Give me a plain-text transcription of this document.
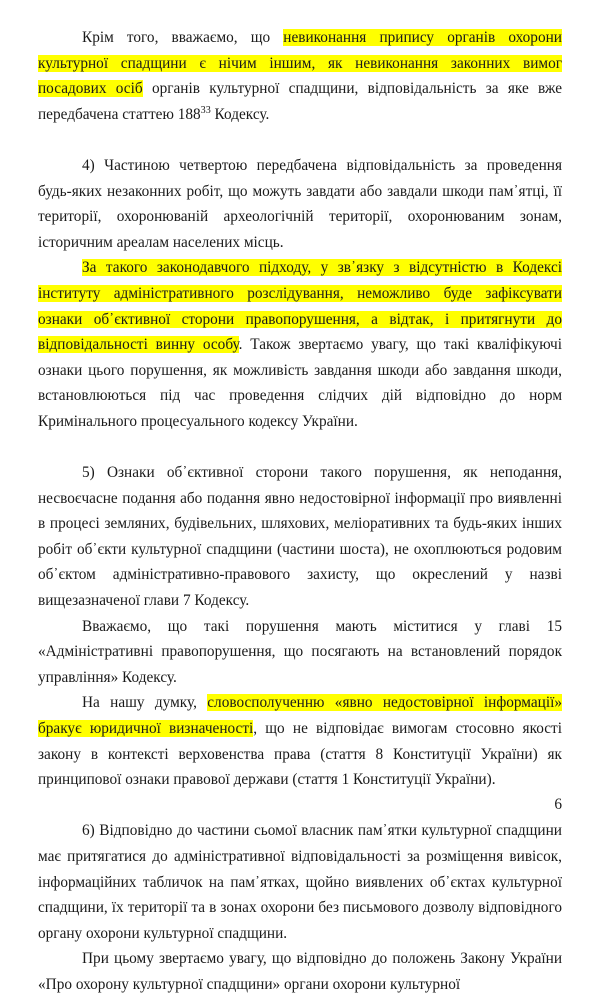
Крім того, вважаємо, що невиконання припису органів охорони культурної спадщини є нічим іншим, як невиконання законних вимог посадових осіб органів культурної спадщини, відповідальність за яке вже передбачена статтею $188^{33}$ Кодексу.

4) Частиною четвертою передбачена відповідальність за проведення будь-яких незаконних робіт, що можуть завдати або завдали шкоди пам᾽ятці, її території, охоронюваній археологічній території, охоронюваним зонам, історичним ареалам населених місць.

За такого законодавчого підходу, у зв᾽язку з відсутністю в Кодексі інституту адміністративного розслідування, неможливо буде зафіксувати ознаки об᾽єктивної сторони правопорушення, а відтак, і притягнути до відповідальності винну особу. Також звертаємо увагу, що такі кваліфікуючі ознаки цього порушення, як можливість завдання шкоди або завдання шкоди, встановлюються під час проведення слідчих дій відповідно до норм Кримінального процесуального кодексу України.

5) Ознаки об᾽єктивної сторони такого порушення, як неподання, несвоєчасне подання або подання явно недостовірної інформації про виявленні в процесі земляних, будівельних, шляхових, меліоративних та будь-яких інших робіт об᾽єкти культурної спадщини (частини шоста), не охоплюються родовим об᾽єктом адміністративно-правового захисту, що окреслений у назві вищезазначеної глави 7 Кодексу.

Вважаємо, що такі порушення мають міститися у главі 15 «Адміністративні правопорушення, що посягають на встановлений порядок управління» Кодексу.

На нашу думку, словосполученню «явно недостовірної інформації» бракує юридичної визначеності, що не відповідає вимогам стосовно якості закону в контексті верховенства права (стаття 8 Конституції України) як принципової ознаки правової держави (стаття 1 Конституції України).

6) Відповідно до частини сьомої власник пам᾽ятки культурної спадщини має притягатися до адміністративної відповідальності за розміщення вивісок, інформаційних табличок на пам᾽ятках, щойно виявлених об᾽єктах культурної спадщини, їх території та в зонах охорони без письмового дозволу відповідного органу охорони культурної спадщини.

При цьому звертаємо увагу, що відповідно до положень Закону України «Про охорону культурної спадщини» органи охорони культурної

6
